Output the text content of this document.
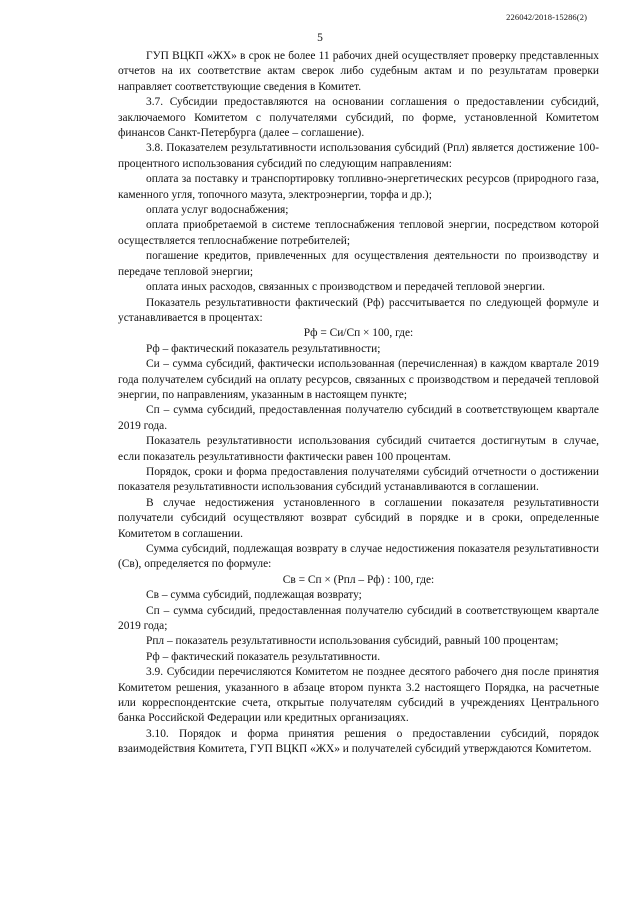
226042/2018-15286(2)
5

ГУП ВЦКП «ЖХ» в срок не более 11 рабочих дней осуществляет проверку представленных отчетов на их соответствие актам сверок либо судебным актам и по результатам проверки направляет соответствующие сведения в Комитет.

3.7. Субсидии предоставляются на основании соглашения о предоставлении субсидий, заключаемого Комитетом с получателями субсидий, по форме, установленной Комитетом финансов Санкт-Петербурга (далее – соглашение).

3.8. Показателем результативности использования субсидий (Рпл) является достижение 100-процентного использования субсидий по следующим направлениям:

оплата за поставку и транспортировку топливно-энергетических ресурсов (природного газа, каменного угля, топочного мазута, электроэнергии, торфа и др.);

оплата услуг водоснабжения;

оплата приобретаемой в системе теплоснабжения тепловой энергии, посредством которой осуществляется теплоснабжение потребителей;

погашение кредитов, привлеченных для осуществления деятельности по производству и передаче тепловой энергии;

оплата иных расходов, связанных с производством и передачей тепловой энергии.

Показатель результативности фактический (Рф) рассчитывается по следующей формуле и устанавливается в процентах:

Рф = Си/Сп × 100, где:

Рф – фактический показатель результативности;

Си – сумма субсидий, фактически использованная (перечисленная) в каждом квартале 2019 года получателем субсидий на оплату ресурсов, связанных с производством и передачей тепловой энергии, по направлениям, указанным в настоящем пункте;

Сп – сумма субсидий, предоставленная получателю субсидий в соответствующем квартале 2019 года.

Показатель результативности использования субсидий считается достигнутым в случае, если показатель результативности фактически равен 100 процентам.

Порядок, сроки и форма предоставления получателями субсидий отчетности о достижении показателя результативности использования субсидий устанавливаются в соглашении.

В случае недостижения установленного в соглашении показателя результативности получатели субсидий осуществляют возврат субсидий в порядке и в сроки, определенные Комитетом в соглашении.

Сумма субсидий, подлежащая возврату в случае недостижения показателя результативности (Св), определяется по формуле:

Св = Сп × (Рпл – Рф) : 100, где:

Св – сумма субсидий, подлежащая возврату;

Сп – сумма субсидий, предоставленная получателю субсидий в соответствующем квартале 2019 года;

Рпл – показатель результативности использования субсидий, равный 100 процентам;

Рф – фактический показатель результативности.

3.9. Субсидии перечисляются Комитетом не позднее десятого рабочего дня после принятия Комитетом решения, указанного в абзаце втором пункта 3.2 настоящего Порядка, на расчетные или корреспондентские счета, открытые получателям субсидий в учреждениях Центрального банка Российской Федерации или кредитных организациях.

3.10. Порядок и форма принятия решения о предоставлении субсидий, порядок взаимодействия Комитета, ГУП ВЦКП «ЖХ» и получателей субсидий утверждаются Комитетом.
